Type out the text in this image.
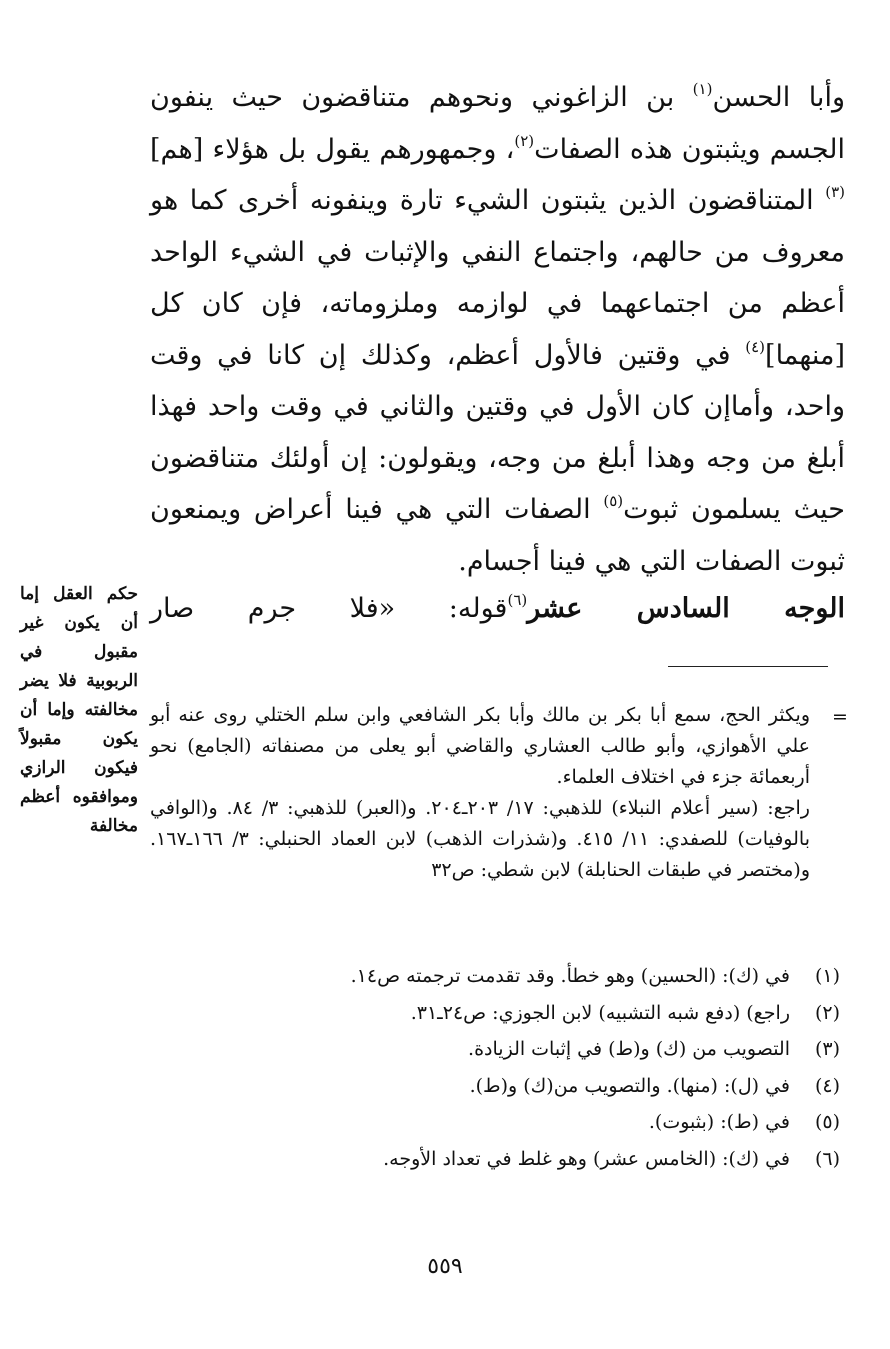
وأبا الحسن$^{(١)}$ بن الزاغوني ونحوهم متناقضون حيث ينفون الجسم ويثبتون هذه الصفات$^{(٢)}$، وجمهورهم يقول بل هؤلاء [هم]$^{(٣)}$ المتناقضون الذين يثبتون الشيء تارة وينفونه أخرى كما هو معروف من حالهم، واجتماع النفي والإثبات في الشيء الواحد أعظم من اجتماعهما في لوازمه وملزوماته، فإن كان كل [منهما]$^{(٤)}$ في وقتين فالأول أعظم، وكذلك إن كانا في وقت واحد، وأماإن كان الأول في وقتين والثاني في وقت واحد فهذا أبلغ من وجه وهذا أبلغ من وجه، ويقولون: إن أولئك متناقضون حيث يسلمون ثبوت$^{(٥)}$ الصفات التي هي فينا أعراض ويمنعون ثبوت الصفات التي هي فينا أجسام.

الوجه السادس عشر$^{(٦)}$قوله: «فلا جرم صار
حكم العقل إما أن يكون غير مقبول في الربوبية فلا يضر مخالفته وإما أن يكون مقبولاً فيكون الرازي وموافقوه أعظم مخالفة
=

ويكثر الحج، سمع أبا بكر بن مالك وأبا بكر الشافعي وابن سلم الختلي روى عنه أبو علي الأهوازي، وأبو طالب العشاري والقاضي أبو يعلى من مصنفاته (الجامع) نحو أربعمائة جزء في اختلاف العلماء.

راجع: (سير أعلام النبلاء) للذهبي: ١٧/ ٢٠٣ـ٢٠٤. و(العبر) للذهبي: ٣/ ٨٤. و(الوافي بالوفيات) للصفدي: ١١/ ٤١٥. و(شذرات الذهب) لابن العماد الحنبلي: ٣/ ١٦٦ـ١٦٧. و(مختصر في طبقات الحنابلة) لابن شطي: ص٣٢

(١)
في (ك): (الحسين) وهو خطأ. وقد تقدمت ترجمته ص١٤.
(٢)
راجع) (دفع شبه التشبيه) لابن الجوزي: ص٢٤ـ٣١.
(٣)
التصويب من (ك) و(ط) في إثبات الزيادة.
(٤)
في (ل): (منها). والتصويب من(ك) و(ط).
(٥)
في (ط): (بثبوت).
(٦)
في (ك): (الخامس عشر) وهو غلط في تعداد الأوجه.
٥٥٩
